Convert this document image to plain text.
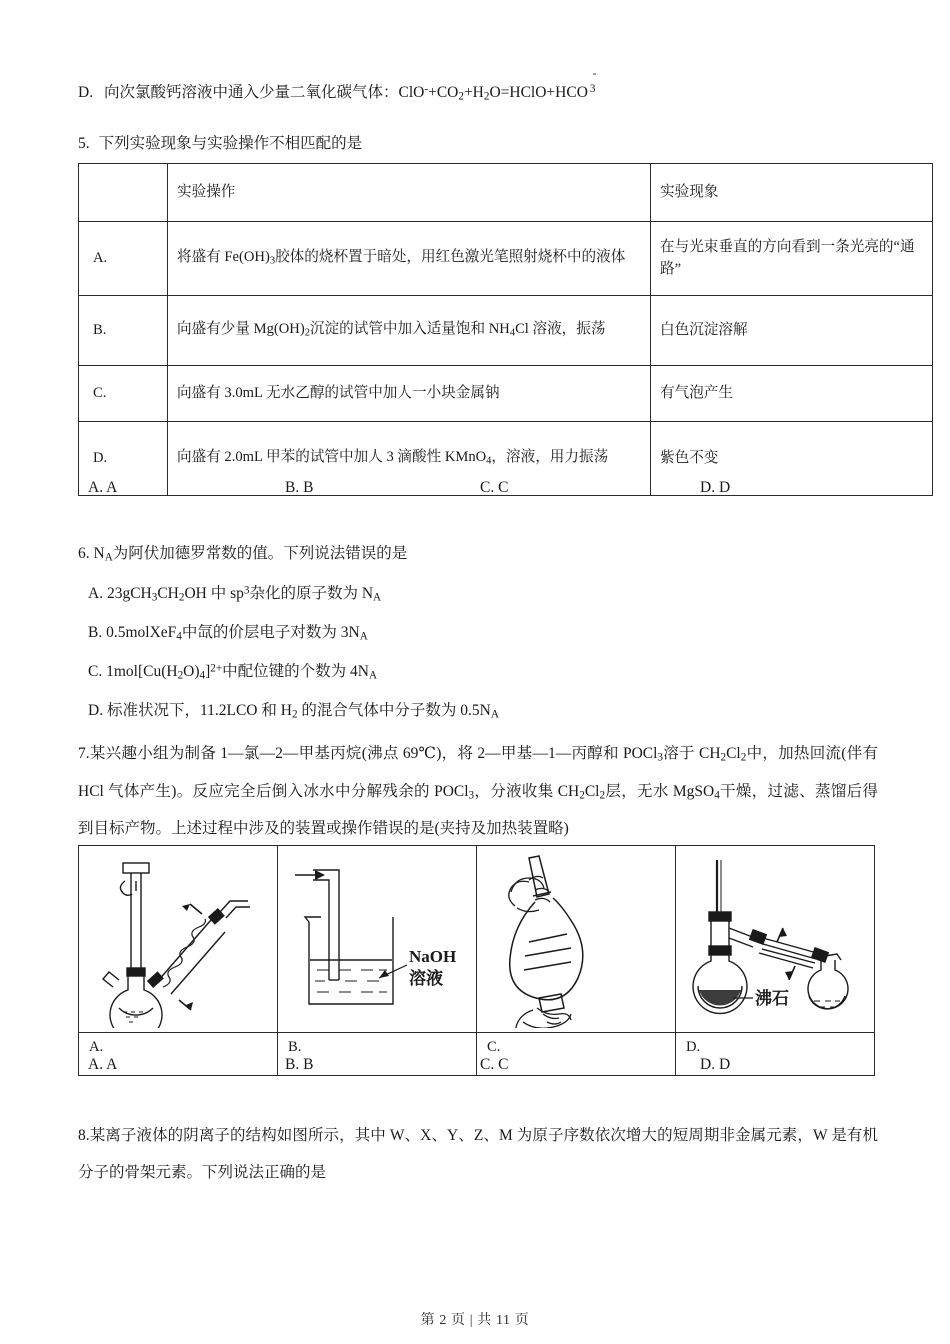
D. 向次氯酸钙溶液中通入少量二氧化碳气体：$ClO^-+CO_2+H_2O=HClO+HCO$ $^3$
-
5. 下列实验现象与实验操作不相匹配的是
	实验操作	实验现象
A.	将盛有 $Fe(OH)_3$胶体的烧杯置于暗处，用红色激光笔照射烧杯中的液体	在与光束垂直的方向看到一条光亮的“通路”
B.	向盛有少量 $Mg(OH)_2$沉淀的试管中加入适量饱和 $NH_4Cl$ 溶液，振荡	白色沉淀溶解
C.	向盛有 3.0mL 无水乙醇的试管中加人一小块金属钠	有气泡产生
D.	向盛有 2.0mL 甲苯的试管中加人 3 滴酸性 KMnO$_4$，溶液，用力振荡	紫色不变
A. A	B. B	C. C	D. D
6. $N_A$为阿伏加德罗常数的值。下列说法错误的是
A. $23gCH_3CH_2OH$ 中 $sp^3$杂化的原子数为 $N_A$
B. 0.5molXeF$_4$中氙的价层电子对数为 $3N_A$
C. $1mol[Cu(H_2O)_4]^{2+}$中配位键的个数为 $4N_A$
D. 标准状况下，11.2LCO 和 $H_2$ 的混合气体中分子数为 $0.5N_A$
7.某兴趣小组为制备 1—氯—2—甲基丙烷(沸点 69℃)，将 2—甲基—1—丙醇和 POCl$_3$溶于 $CH_2Cl_2$中，加热回流(伴有 HCl 气体产生)。反应完全后倒入冰水中分解残余的 POCl$_3$，分液收集 $CH_2Cl_2$层，无水 MgSO$_4$干燥，过滤、蒸馏后得到目标产物。上述过程中涉及的装置或操作错误的是(夹持及加热装置略)

NaOH
溶液		沸石

A.	B.	C.	D.
A. A	B. B	C. C	D. D
8.某离子液体的阴离子的结构如图所示，其中 W、X、Y、Z、M 为原子序数依次增大的短周期非金属元素，W 是有机分子的骨架元素。下列说法正确的是
第 2 页 | 共 11 页
